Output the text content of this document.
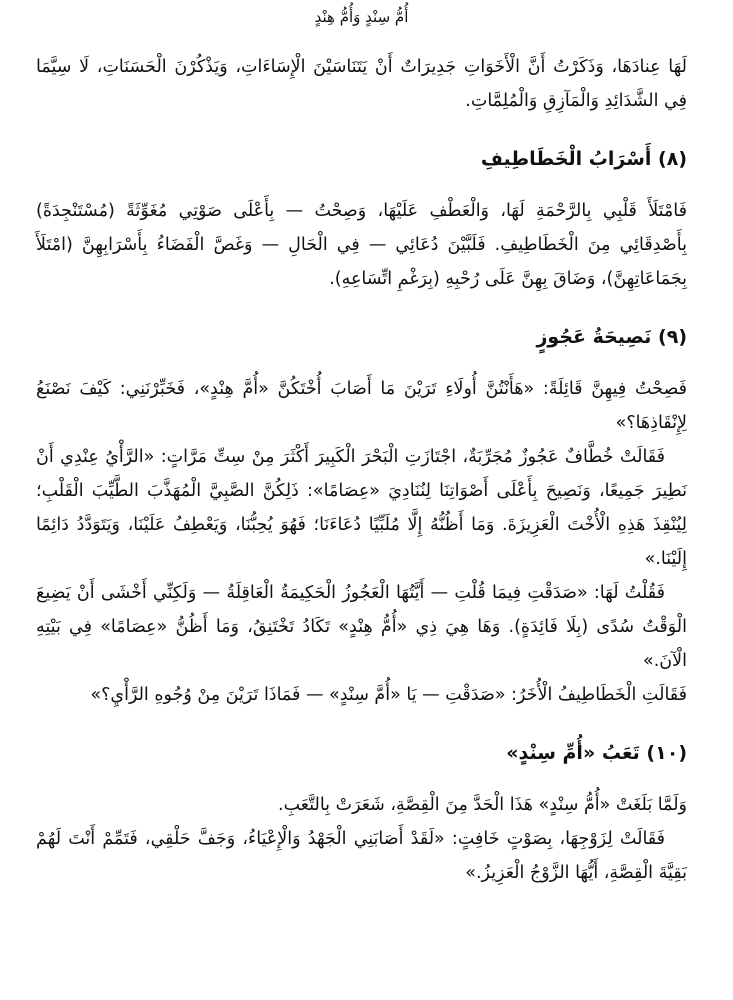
أُمُّ سِنْدٍ وَأُمُّ هِنْدٍ

لَهَا عِنادَهَا، وَذَكَرْتُ أَنَّ الْأَخَوَاتِ جَدِيرَاتٌ أَنْ يَتَنَاسَيْنَ الْإِسَاءَاتِ، وَيَذْكُرْنَ الْحَسَنَاتِ، لَا سِيَّمَا فِي الشَّدَائِدِ وَالْمَآزِقِ وَالْمُلِمَّاتِ.

(٨) أَسْرَابُ الْخَطَاطِيفِ

فَامْتَلَأَ قَلْبِي بِالرَّحْمَةِ لَهَا، وَالْعَطْفِ عَلَيْهَا، وَصِحْتُ — بِأَعْلَى صَوْتِي مُغَوِّثَةً (مُسْتَنْجِدَةً) بِأَصْدِقَائِي مِنَ الْخَطَاطِيفِ. فَلَبَّيْنَ دُعَائِي — فِي الْحَالِ — وَغَصَّ الْفَضَاءُ بِأَسْرَابِهِنَّ (امْتَلَأَ بِجَمَاعَاتِهِنَّ)، وَضَاقَ بِهِنَّ عَلَى رُحْبِهِ (بِرَغْمِ اتِّسَاعِهِ).

(٩) نَصِيحَةُ عَجُوزٍ

فَصِحْتُ فِيهِنَّ قَائِلَةً: «هَأَنْتُنَّ أُولَاءِ تَرَيْنَ مَا أَصَابَ أُخْتَكُنَّ «أُمَّ هِنْدٍ»، فَخَبِّرْنَنِي: كَيْفَ نَصْنَعُ لِإِنْقَاذِهَا؟»

فَقَالَتْ خُطَّافٌ عَجُوزٌ مُجَرِّبَةٌ، اجْتَازَتِ الْبَحْرَ الْكَبِيرَ أَكْثَرَ مِنْ سِتِّ مَرَّاتٍ: «الرَّأْيُ عِنْدِي أَنْ نَطِيرَ جَمِيعًا، وَنَصِيحَ بِأَعْلَى أَصْوَاتِنَا لِنُنَادِيَ «عِصَامًا»: ذَلِكُنَّ الصَّبِيَّ الْمُهَذَّبَ الطَّيِّبَ الْقَلْبِ؛ لِيُنْقِذَ هَذِهِ الْأُخْتَ الْعَزِيزَةَ. وَمَا أَظُنُّهُ إِلَّا مُلَبِّيًا دُعَاءَنَا؛ فَهُوَ يُحِبُّنَا، وَيَعْطِفُ عَلَيْنَا، وَيَتَوَدَّدُ دَائِمًا إِلَيْنَا.»

فَقُلْتُ لَهَا: «صَدَقْتِ فِيمَا قُلْتِ — أَيَّتُهَا الْعَجُوزُ الْحَكِيمَةُ الْعَاقِلَةُ — وَلَكِنِّي أَخْشَى أَنْ يَضِيعَ الْوَقْتُ سُدًى (بِلَا فَائِدَةٍ). وَهَا هِيَ ذِي «أُمُّ هِنْدٍ» تَكَادُ تَخْتَنِقُ، وَمَا أَظُنُّ «عِصَامًا» فِي بَيْتِهِ الْآنَ.»

فَقَالَتِ الْخَطَاطِيفُ الْأُخَرُ: «صَدَقْتِ — يَا «أُمَّ سِنْدٍ» — فَمَاذَا تَرَيْنَ مِنْ وُجُوهِ الرَّأْيِ؟»

(١٠) تَعَبُ «أُمِّ سِنْدٍ»

وَلَمَّا بَلَغَتْ «أُمُّ سِنْدٍ» هَذَا الْحَدَّ مِنَ الْقِصَّةِ، شَعَرَتْ بِالتَّعَبِ.

فَقَالَتْ لِزَوْجِهَا، بِصَوْتٍ خَافِتٍ: «لَقَدْ أَصَابَنِي الْجَهْدُ وَالْإِعْيَاءُ، وَجَفَّ حَلْقِي، فَتَمِّمْ أَنْتَ لَهُمْ بَقِيَّةَ الْقِصَّةِ، أَيُّهَا الزَّوْجُ الْعَزِيزُ.»
